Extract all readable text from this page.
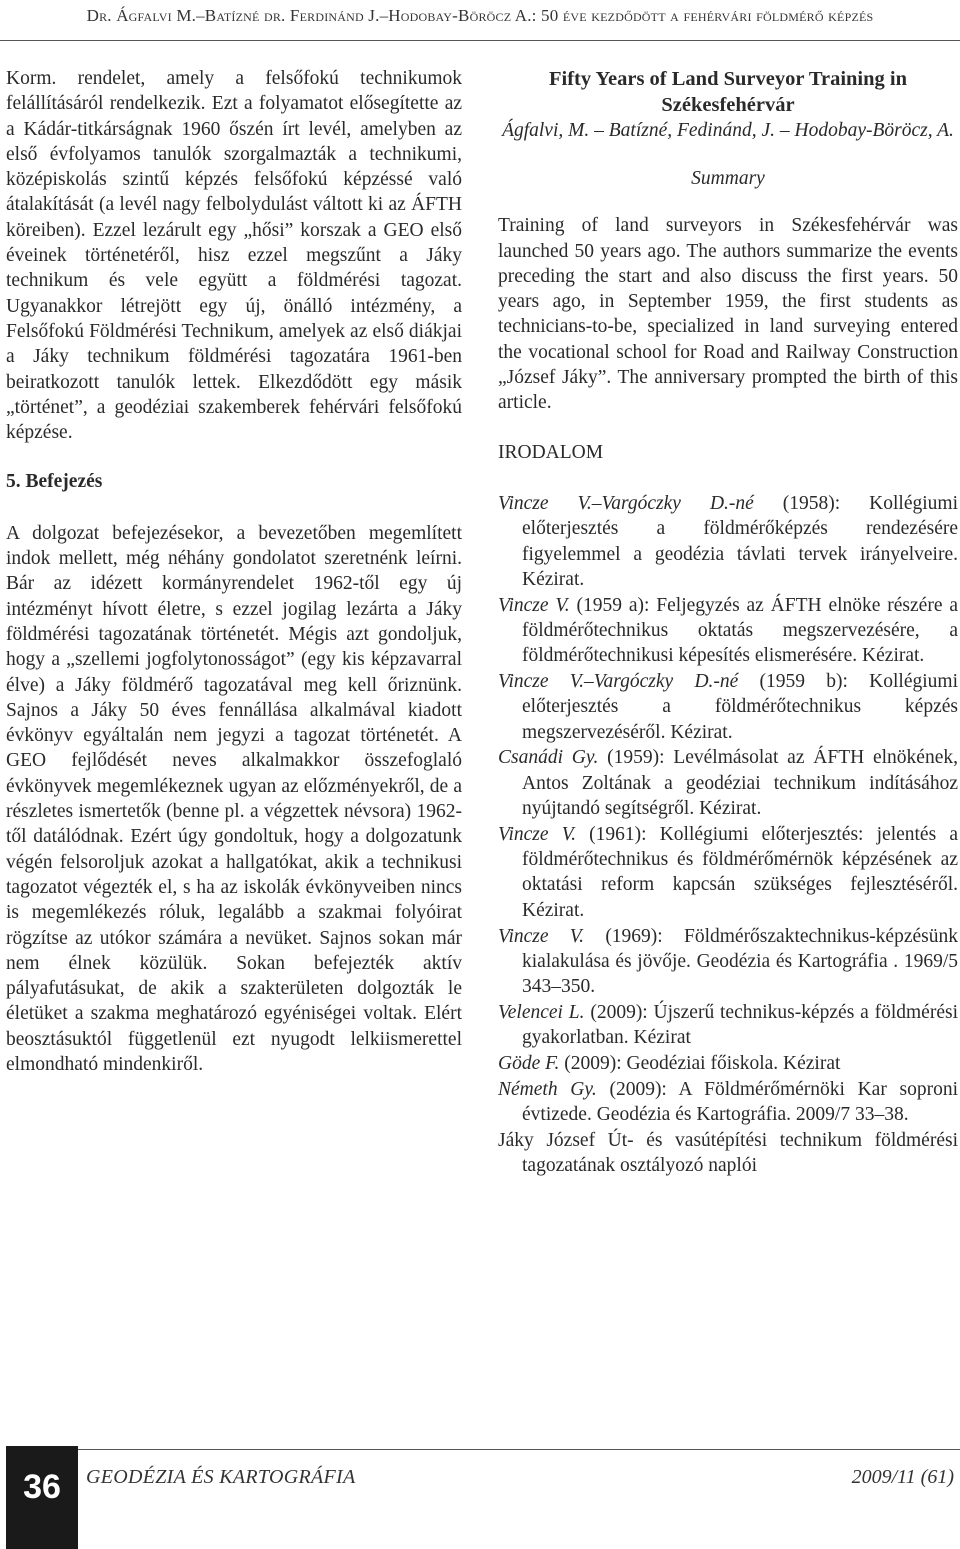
Dr. Ágfalvi M.–Batízné dr. Ferdinánd J.–Hodobay-Böröcz A.: 50 éve kezdődött a fehérvári földmérő képzés

Korm. rendelet, amely a felsőfokú technikumok felállításáról rendelkezik. Ezt a folyamatot elősegítette az a Kádár-titkárságnak 1960 őszén írt levél, amelyben az első évfolyamos tanulók szorgalmazták a technikumi, középiskolás szintű képzés felsőfokú képzéssé való átalakítását (a levél nagy felbolydulást váltott ki az ÁFTH köreiben). Ezzel lezárult egy „hősi” korszak a GEO első éveinek történetéről, hisz ezzel megszűnt a Jáky technikum és vele együtt a földmérési tagozat. Ugyanakkor létrejött egy új, önálló intézmény, a Felsőfokú Földmérési Technikum, amelyek az első diákjai a Jáky technikum földmérési tagozatára 1961-ben beiratkozott tanulók lettek. Elkezdődött egy másik „történet”, a geodéziai szakemberek fehérvári felsőfokú képzése.

5. Befejezés

A dolgozat befejezésekor, a bevezetőben megemlített indok mellett, még néhány gondolatot szeretnénk leírni. Bár az idézett kormányrendelet 1962-től egy új intézményt hívott életre, s ezzel jogilag lezárta a Jáky földmérési tagozatának történetét. Mégis azt gondoljuk, hogy a „szellemi jogfolytonosságot” (egy kis képzavarral élve) a Jáky földmérő tagozatával meg kell őriznünk. Sajnos a Jáky 50 éves fennállása alkalmával kiadott évkönyv egyáltalán nem jegyzi a tagozat történetét. A GEO fejlődését neves alkalmakkor összefoglaló évkönyvek megemlékeznek ugyan az előzményekről, de a részletes ismertetők (benne pl. a végzettek névsora) 1962-től datálódnak. Ezért úgy gondoltuk, hogy a dolgozatunk végén felsoroljuk azokat a hallgatókat, akik a technikusi tagozatot végezték el, s ha az iskolák évkönyveiben nincs is megemlékezés róluk, legalább a szakmai folyóirat rögzítse az utókor számára a nevüket. Sajnos sokan már nem élnek közülük. Sokan befejezték aktív pályafutásukat, de akik a szakterületen dolgozták le életüket a szakma meghatározó egyéniségei voltak. Elért beosztásuktól függetlenül ezt nyugodt lelkiismerettel elmondható mindenkiről.

Fifty Years of Land Surveyor Training in Székesfehérvár
Ágfalvi, M. – Batízné, Fedinánd, J. – Hodobay-Böröcz, A.
Summary

Training of land surveyors in Székesfehérvár was launched 50 years ago. The authors summarize the events preceding the start and also discuss the first years. 50 years ago, in September 1959, the first students as technicians-to-be, specialized in land surveying entered the vocational school for Road and Railway Construction „József Jáky”. The anniversary prompted the birth of this article.

IRODALOM
Vincze V.–Vargóczky D.-né (1958): Kollégiumi előterjesztés a földmérőképzés rendezésére figyelemmel a geodézia távlati tervek irányelveire. Kézirat.
Vincze V. (1959 a): Feljegyzés az ÁFTH elnöke részére a földmérőtechnikus oktatás megszervezésére, a földmérőtechnikusi képesítés elismerésére. Kézirat.
Vincze V.–Vargóczky D.-né (1959 b): Kollégiumi előterjesztés a földmérőtechnikus képzés megszervezéséről. Kézirat.
Csanádi Gy. (1959): Levélmásolat az ÁFTH elnökének, Antos Zoltának a geodéziai technikum indításához nyújtandó segítségről. Kézirat.
Vincze V. (1961): Kollégiumi előterjesztés: jelentés a földmérőtechnikus és földmérőmérnök képzésének az oktatási reform kapcsán szükséges fejlesztéséről. Kézirat.
Vincze V. (1969): Földmérőszaktechnikus-képzésünk kialakulása és jövője. Geodézia és Kartográfia . 1969/5 343–350.
Velencei L. (2009): Újszerű technikus-képzés a földmérési gyakorlatban. Kézirat
Göde F. (2009): Geodéziai főiskola. Kézirat
Németh Gy. (2009): A Földmérőmérnöki Kar soproni évtizede. Geodézia és Kartográfia. 2009/7 33–38.
Jáky József Út- és vasútépítési technikum földmérési tagozatának osztályozó naplói
36	GEODÉZIA ÉS KARTOGRÁFIA	2009/11 (61)
